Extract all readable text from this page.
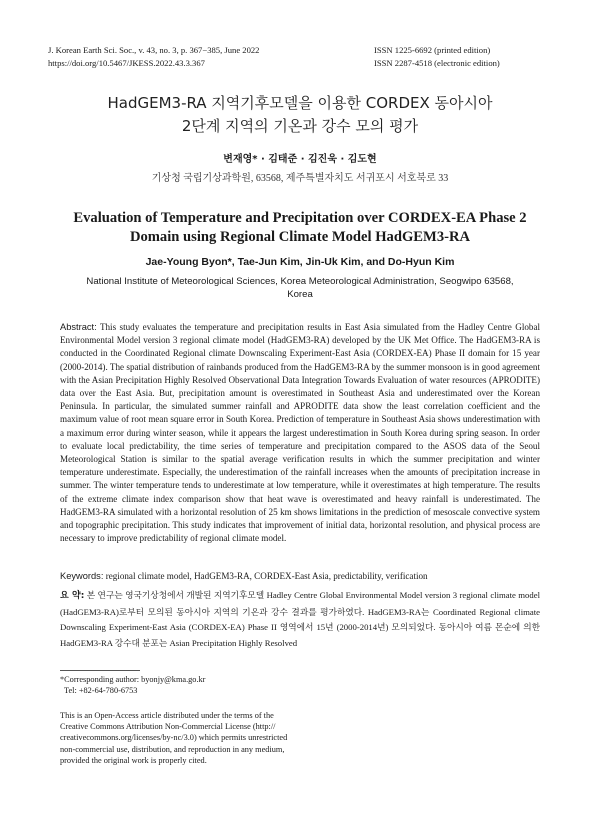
J. Korean Earth Sci. Soc., v. 43, no. 3, p. 367−385, June 2022
https://doi.org/10.5467/JKESS.2022.43.3.367
ISSN 1225-6692 (printed edition)
ISSN 2287-4518 (electronic edition)
HadGEM3-RA 지역기후모델을 이용한 CORDEX 동아시아
2단계 지역의 기온과 강수 모의 평가
변재영* · 김태준 · 김진욱 · 김도현
기상청 국립기상과학원, 63568, 제주특별자치도 서귀포시 서호북로 33
Evaluation of Temperature and Precipitation over CORDEX-EA Phase 2
Domain using Regional Climate Model HadGEM3-RA
Jae-Young Byon*, Tae-Jun Kim, Jin-Uk Kim, and Do-Hyun Kim
National Institute of Meteorological Sciences, Korea Meteorological Administration, Seogwipo 63568,
Korea

Abstract: This study evaluates the temperature and precipitation results in East Asia simulated from the Hadley Centre Global Environmental Model version 3 regional climate model (HadGEM3-RA) developed by the UK Met Office. The HadGEM3-RA is conducted in the Coordinated Regional climate Downscaling Experiment-East Asia (CORDEX-EA) Phase II domain for 15 year (2000-2014). The spatial distribution of rainbands produced from the HadGEM3-RA by the summer monsoon is in good agreement with the Asian Precipitation Highly Resolved Observational Data Integration Towards Evaluation of water resources (APRODITE) data over the East Asia. But, precipitation amount is overestimated in Southeast Asia and underestimated over the Korean Peninsula. In particular, the simulated summer rainfall and APRODITE data show the least correlation coefficient and the maximum value of root mean square error in South Korea. Prediction of temperature in Southeast Asia shows underestimation with a maximum error during winter season, while it appears the largest underestimation in South Korea during spring season. In order to evaluate local predictability, the time series of temperature and precipitation compared to the ASOS data of the Seoul Meteorological Station is similar to the spatial average verification results in which the summer precipitation and winter temperature underestimate. Especially, the underestimation of the rainfall increases when the amounts of precipitation increase in summer. The winter temperature tends to underestimate at low temperature, while it overestimates at high temperature. The results of the extreme climate index comparison show that heat wave is overestimated and heavy rainfall is underestimated. The HadGEM3-RA simulated with a horizontal resolution of 25 km shows limitations in the prediction of mesoscale convective system and topographic precipitation. This study indicates that improvement of initial data, horizontal resolution, and physical process are necessary to improve predictability of regional climate model.

Keywords: regional climate model, HadGEM3-RA, CORDEX-East Asia, predictability, verification

요 약: 본 연구는 영국기상청에서 개발된 지역기후모델 Hadley Centre Global Environmental Model version 3 regional climate model (HadGEM3-RA)로부터 모의된 동아시아 지역의 기온과 강수 결과를 평가하였다. HadGEM3-RA는 Coordinated Regional climate Downscaling Experiment-East Asia (CORDEX-EA) Phase II 영역에서 15년 (2000-2014년) 모의되었다. 동아시아 여름 몬순에 의한 HadGEM3-RA 강수대 분포는 Asian Precipitation Highly Resolved

*Corresponding author: byonjy@kma.go.kr
Tel: +82-64-780-6753
This is an Open-Access article distributed under the terms of the
Creative Commons Attribution Non-Commercial License (http://
creativecommons.org/licenses/by-nc/3.0) which permits unrestricted
non-commercial use, distribution, and reproduction in any medium,
provided the original work is properly cited.
